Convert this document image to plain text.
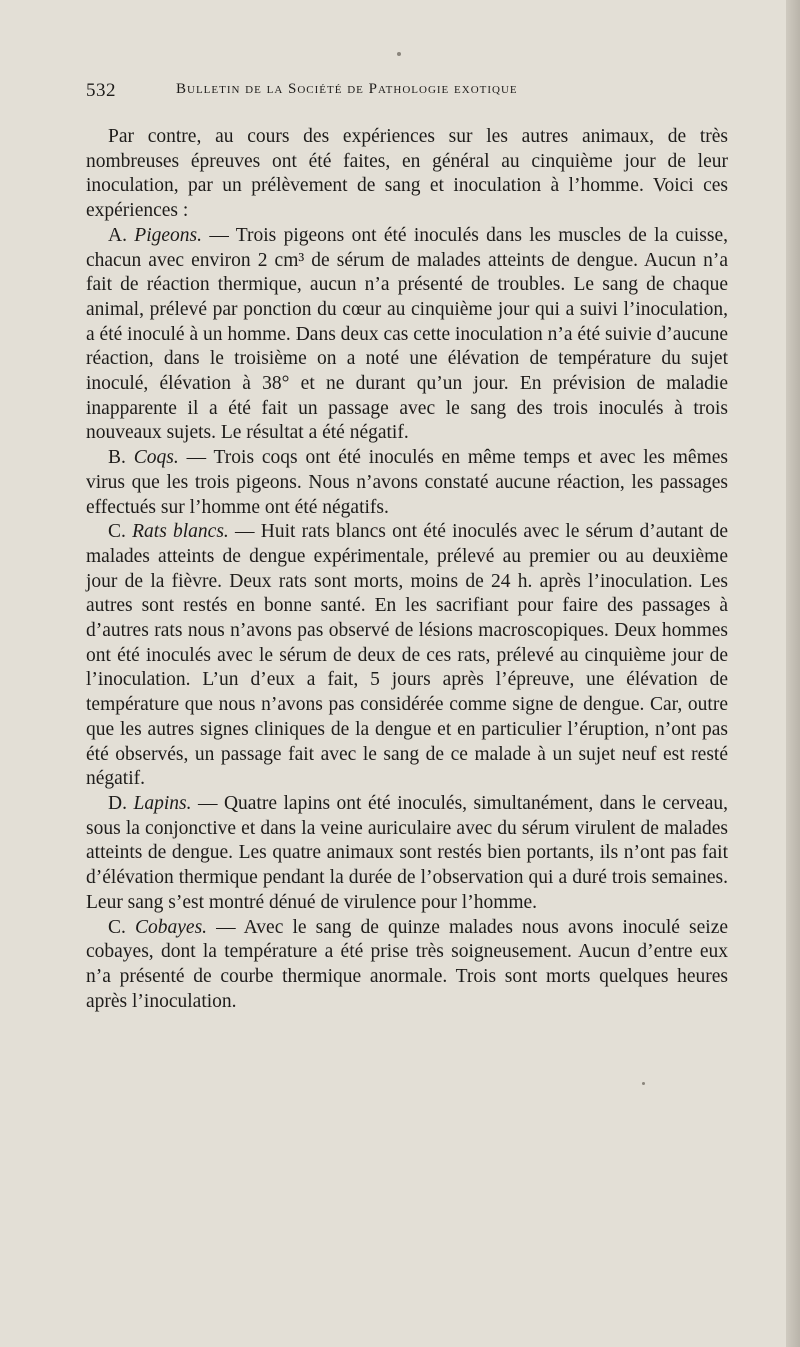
532	Bulletin de la Société de Pathologie exotique

Par contre, au cours des expériences sur les autres animaux, de très nombreuses épreuves ont été faites, en général au cinquième jour de leur inoculation, par un prélèvement de sang et inoculation à l’homme. Voici ces expériences :

A. Pigeons. — Trois pigeons ont été inoculés dans les muscles de la cuisse, chacun avec environ 2 cm³ de sérum de malades atteints de dengue. Aucun n’a fait de réaction thermique, aucun n’a présenté de troubles. Le sang de chaque animal, prélevé par ponction du cœur au cinquième jour qui a suivi l’inoculation, a été inoculé à un homme. Dans deux cas cette inoculation n’a été suivie d’aucune réaction, dans le troisième on a noté une élévation de température du sujet inoculé, élévation à 38° et ne durant qu’un jour. En prévision de maladie inapparente il a été fait un passage avec le sang des trois inoculés à trois nouveaux sujets. Le résultat a été négatif.

B. Coqs. — Trois coqs ont été inoculés en même temps et avec les mêmes virus que les trois pigeons. Nous n’avons constaté aucune réaction, les passages effectués sur l’homme ont été négatifs.

C. Rats blancs. — Huit rats blancs ont été inoculés avec le sérum d’autant de malades atteints de dengue expérimentale, prélevé au premier ou au deuxième jour de la fièvre. Deux rats sont morts, moins de 24 h. après l’inoculation. Les autres sont restés en bonne santé. En les sacrifiant pour faire des passages à d’autres rats nous n’avons pas observé de lésions macroscopiques. Deux hommes ont été inoculés avec le sérum de deux de ces rats, prélevé au cinquième jour de l’inoculation. L’un d’eux a fait, 5 jours après l’épreuve, une élévation de température que nous n’avons pas considérée comme signe de dengue. Car, outre que les autres signes cliniques de la dengue et en particulier l’éruption, n’ont pas été observés, un passage fait avec le sang de ce malade à un sujet neuf est resté négatif.

D. Lapins. — Quatre lapins ont été inoculés, simultanément, dans le cerveau, sous la conjonctive et dans la veine auriculaire avec du sérum virulent de malades atteints de dengue. Les quatre animaux sont restés bien portants, ils n’ont pas fait d’élévation thermique pendant la durée de l’observation qui a duré trois semaines. Leur sang s’est montré dénué de virulence pour l’homme.

C. Cobayes. — Avec le sang de quinze malades nous avons inoculé seize cobayes, dont la température a été prise très soigneusement. Aucun d’entre eux n’a présenté de courbe thermique anormale. Trois sont morts quelques heures après l’inoculation.
